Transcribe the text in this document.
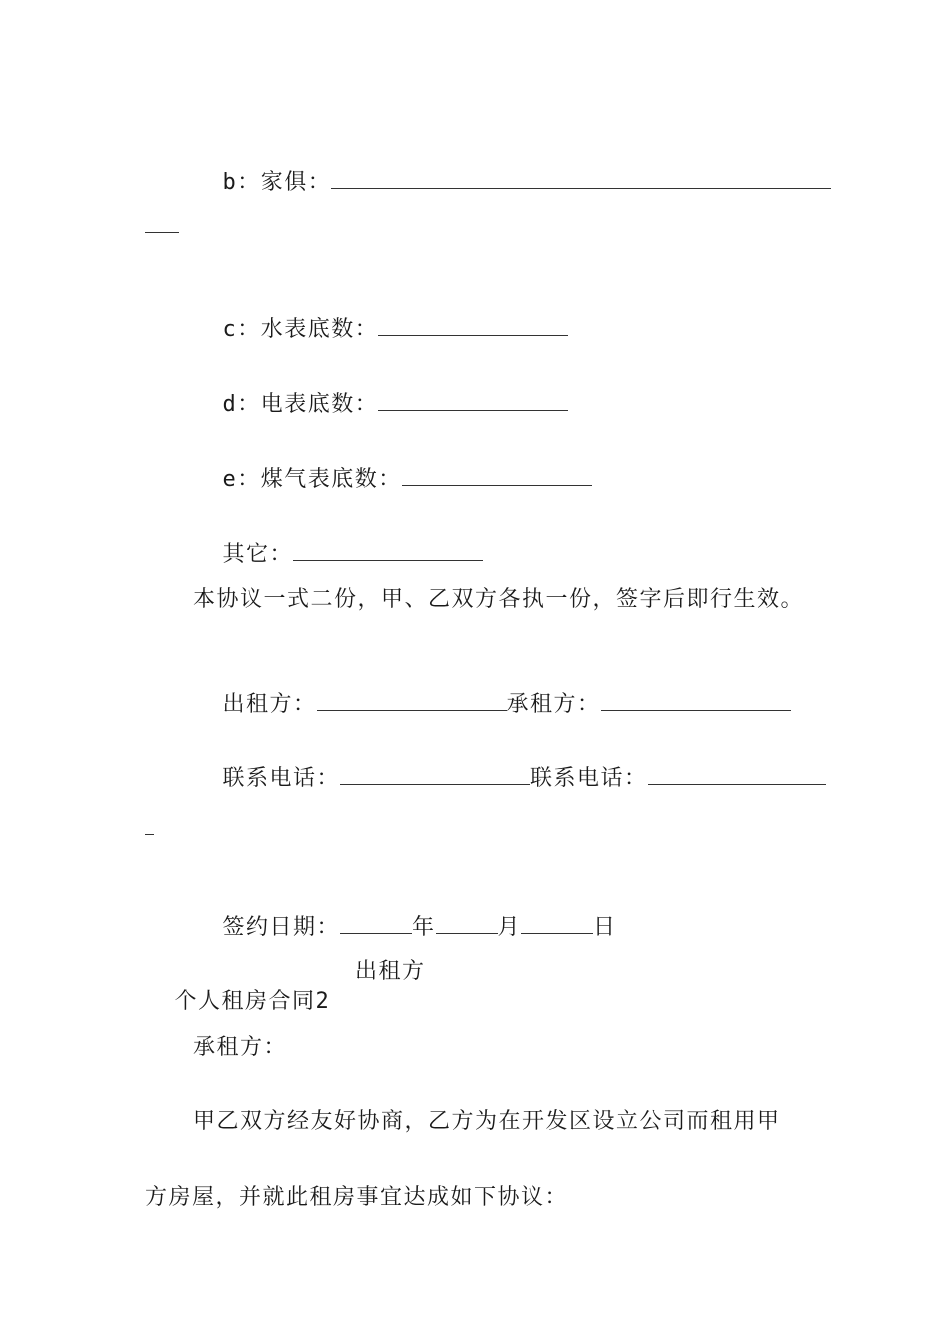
b：家俱：

c：水表底数：

d：电表底数：

e：煤气表底数：

其它：

本协议一式二份，甲、乙双方各执一份，签字后即行生效。

出租方：	承租方：

联系电话：	联系电话：

签约日期：	年	月	日

个人租房合同2

出租方
承租方：
甲乙双方经友好协商，乙方为在开发区设立公司而租用甲
方房屋，并就此租房事宜达成如下协议：
